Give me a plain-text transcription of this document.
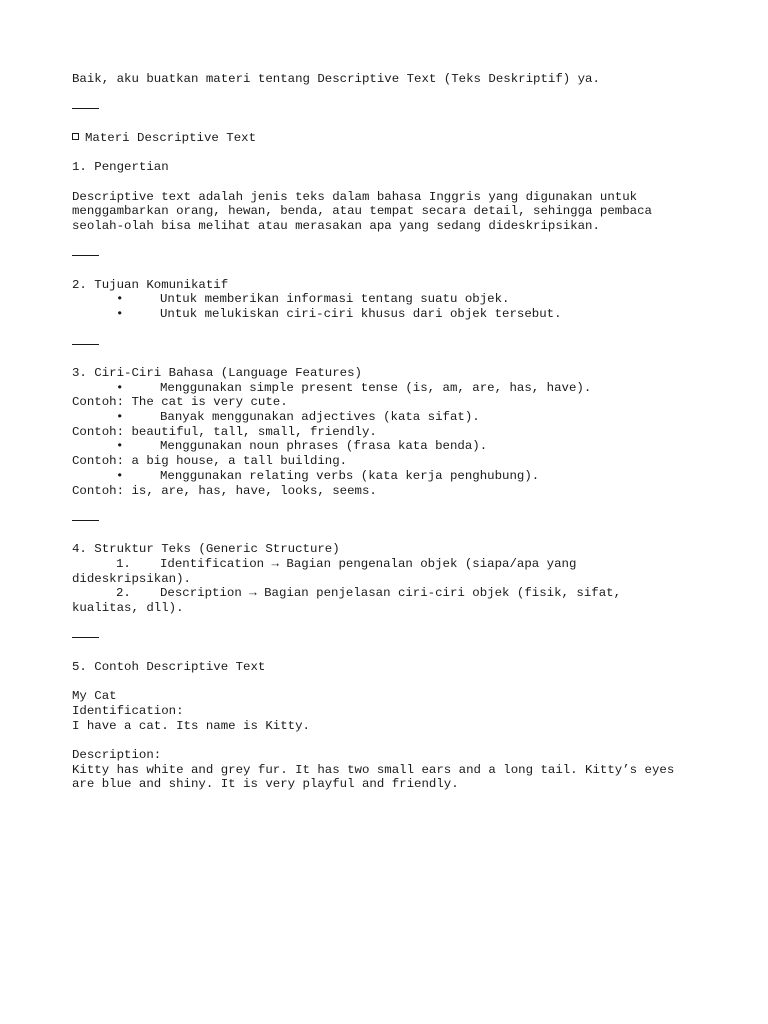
Baik, aku buatkan materi tentang Descriptive Text (Teks Deskriptif) ya.
Materi Descriptive Text
1. Pengertian
Descriptive text adalah jenis teks dalam bahasa Inggris yang digunakan untuk menggambarkan orang, hewan, benda, atau tempat secara detail, sehingga pembaca seolah-olah bisa melihat atau merasakan apa yang sedang dideskripsikan.
2. Tujuan Komunikatif
•	Untuk memberikan informasi tentang suatu objek.
•	Untuk melukiskan ciri-ciri khusus dari objek tersebut.
3. Ciri-Ciri Bahasa (Language Features)
•	Menggunakan simple present tense (is, am, are, has, have).
Contoh: The cat is very cute.
•	Banyak menggunakan adjectives (kata sifat).
Contoh: beautiful, tall, small, friendly.
•	Menggunakan noun phrases (frasa kata benda).
Contoh: a big house, a tall building.
•	Menggunakan relating verbs (kata kerja penghubung).
Contoh: is, are, has, have, looks, seems.
4. Struktur Teks (Generic Structure)
1.	Identification → Bagian pengenalan objek (siapa/apa yang
dideskripsikan).
2.	Description → Bagian penjelasan ciri-ciri objek (fisik, sifat,
kualitas, dll).
5. Contoh Descriptive Text
My Cat
Identification:
I have a cat. Its name is Kitty.
Description:
Kitty has white and grey fur. It has two small ears and a long tail. Kitty’s eyes
are blue and shiny. It is very playful and friendly.
